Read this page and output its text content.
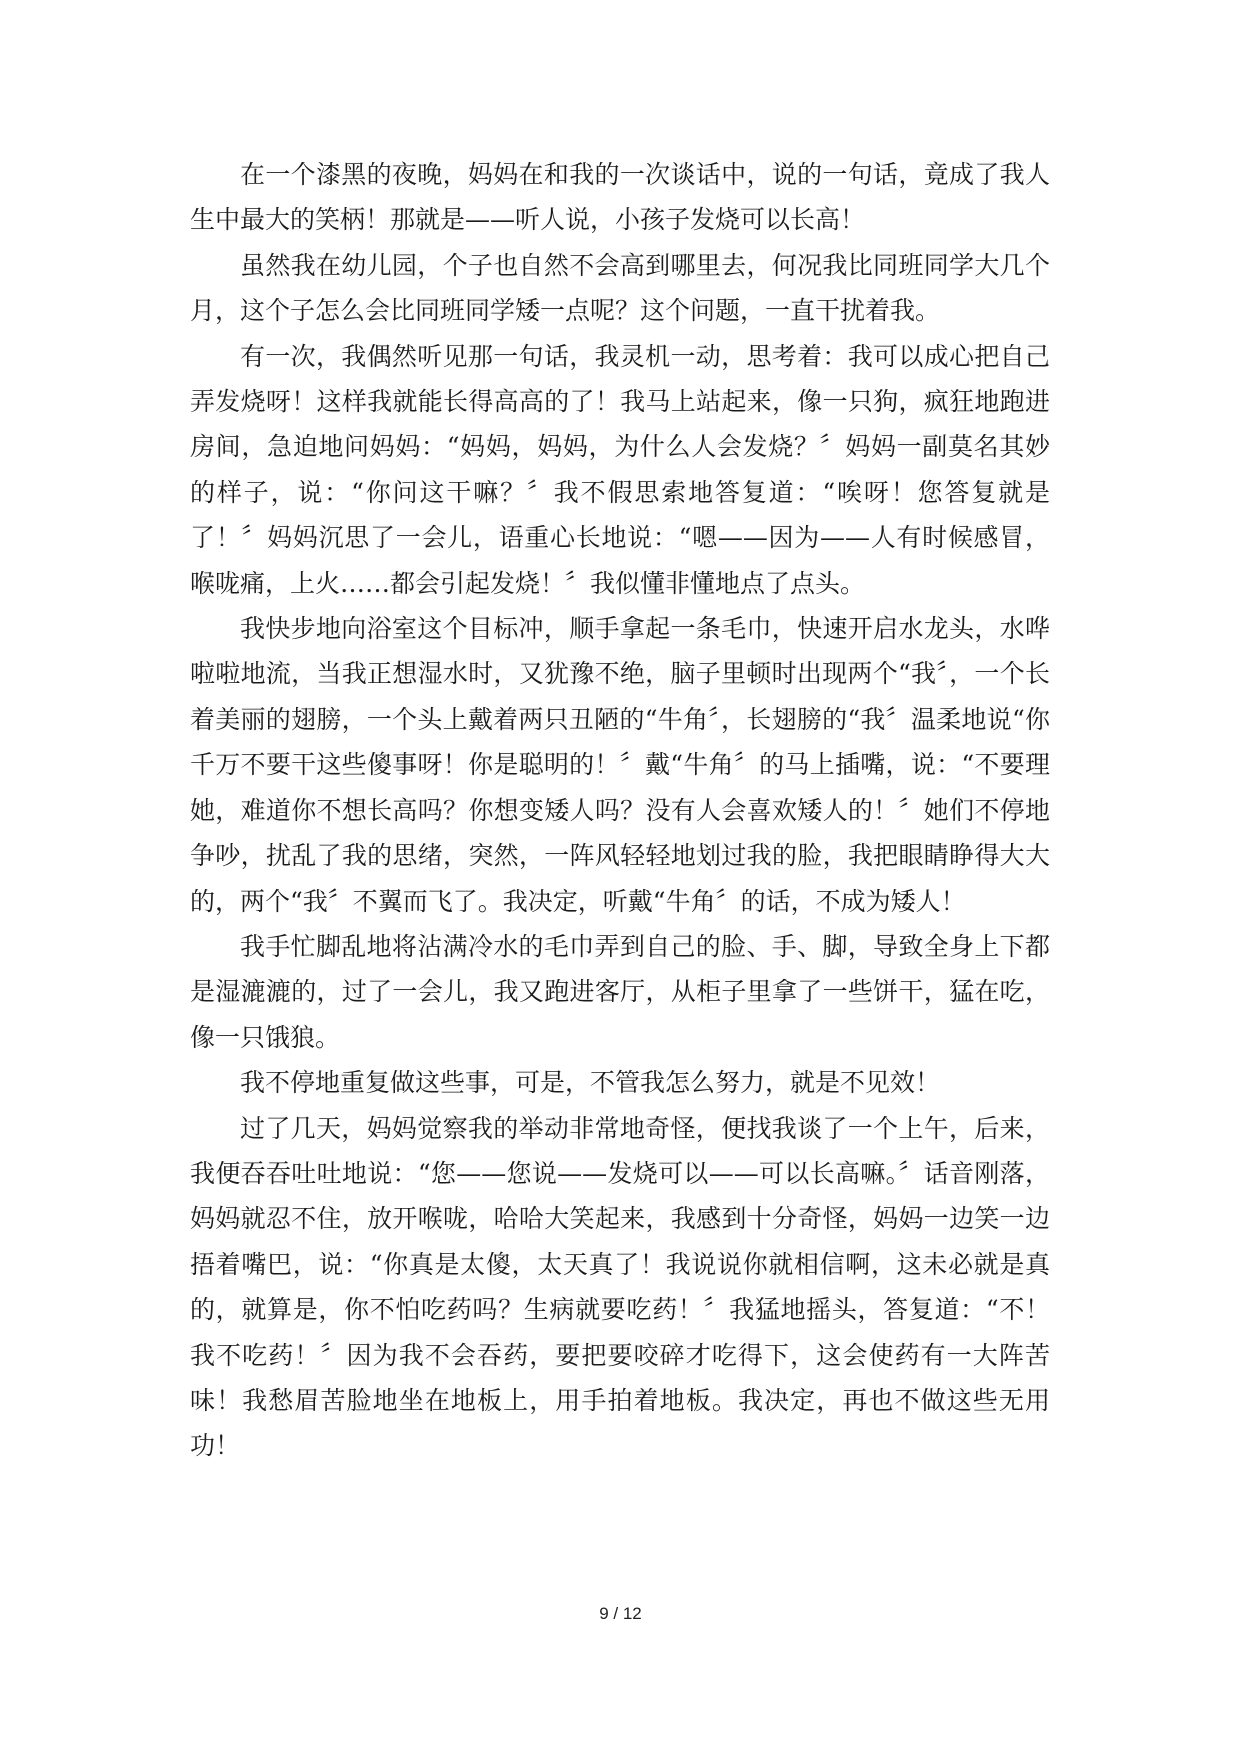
在一个漆黑的夜晚，妈妈在和我的一次谈话中，说的一句话，竟成了我人生中最大的笑柄！那就是——听人说，小孩子发烧可以长高！

虽然我在幼儿园，个子也自然不会高到哪里去，何况我比同班同学大几个月，这个子怎么会比同班同学矮一点呢？这个问题，一直干扰着我。

有一次，我偶然听见那一句话，我灵机一动，思考着：我可以成心把自己弄发烧呀！这样我就能长得高高的了！我马上站起来，像一只狗，疯狂地跑进房间，急迫地问妈妈：“妈妈，妈妈，为什么人会发烧？〞妈妈一副莫名其妙的样子，说：“你问这干嘛？〞我不假思索地答复道：“唉呀！您答复就是了！〞妈妈沉思了一会儿，语重心长地说：“嗯——因为——人有时候感冒，喉咙痛，上火……都会引起发烧！〞我似懂非懂地点了点头。

我快步地向浴室这个目标冲，顺手拿起一条毛巾，快速开启水龙头，水哗啦啦地流，当我正想湿水时，又犹豫不绝，脑子里顿时出现两个“我〞，一个长着美丽的翅膀，一个头上戴着两只丑陋的“牛角〞，长翅膀的“我〞温柔地说“你千万不要干这些傻事呀！你是聪明的！〞戴“牛角〞的马上插嘴，说：“不要理她，难道你不想长高吗？你想变矮人吗？没有人会喜欢矮人的！〞她们不停地争吵，扰乱了我的思绪，突然，一阵风轻轻地划过我的脸，我把眼睛睁得大大的，两个“我〞不翼而飞了。我决定，听戴“牛角〞的话，不成为矮人！

我手忙脚乱地将沾满冷水的毛巾弄到自己的脸、手、脚，导致全身上下都是湿漉漉的，过了一会儿，我又跑进客厅，从柜子里拿了一些饼干，猛在吃，像一只饿狼。

我不停地重复做这些事，可是，不管我怎么努力，就是不见效！

过了几天，妈妈觉察我的举动非常地奇怪，便找我谈了一个上午，后来，我便吞吞吐吐地说：“您——您说——发烧可以——可以长高嘛。〞话音刚落，妈妈就忍不住，放开喉咙，哈哈大笑起来，我感到十分奇怪，妈妈一边笑一边捂着嘴巴，说：“你真是太傻，太天真了！我说说你就相信啊，这未必就是真的，就算是，你不怕吃药吗？生病就要吃药！〞我猛地摇头，答复道：“不！我不吃药！〞因为我不会吞药，要把要咬碎才吃得下，这会使药有一大阵苦味！我愁眉苦脸地坐在地板上，用手拍着地板。我决定，再也不做这些无用功！

9 / 12
